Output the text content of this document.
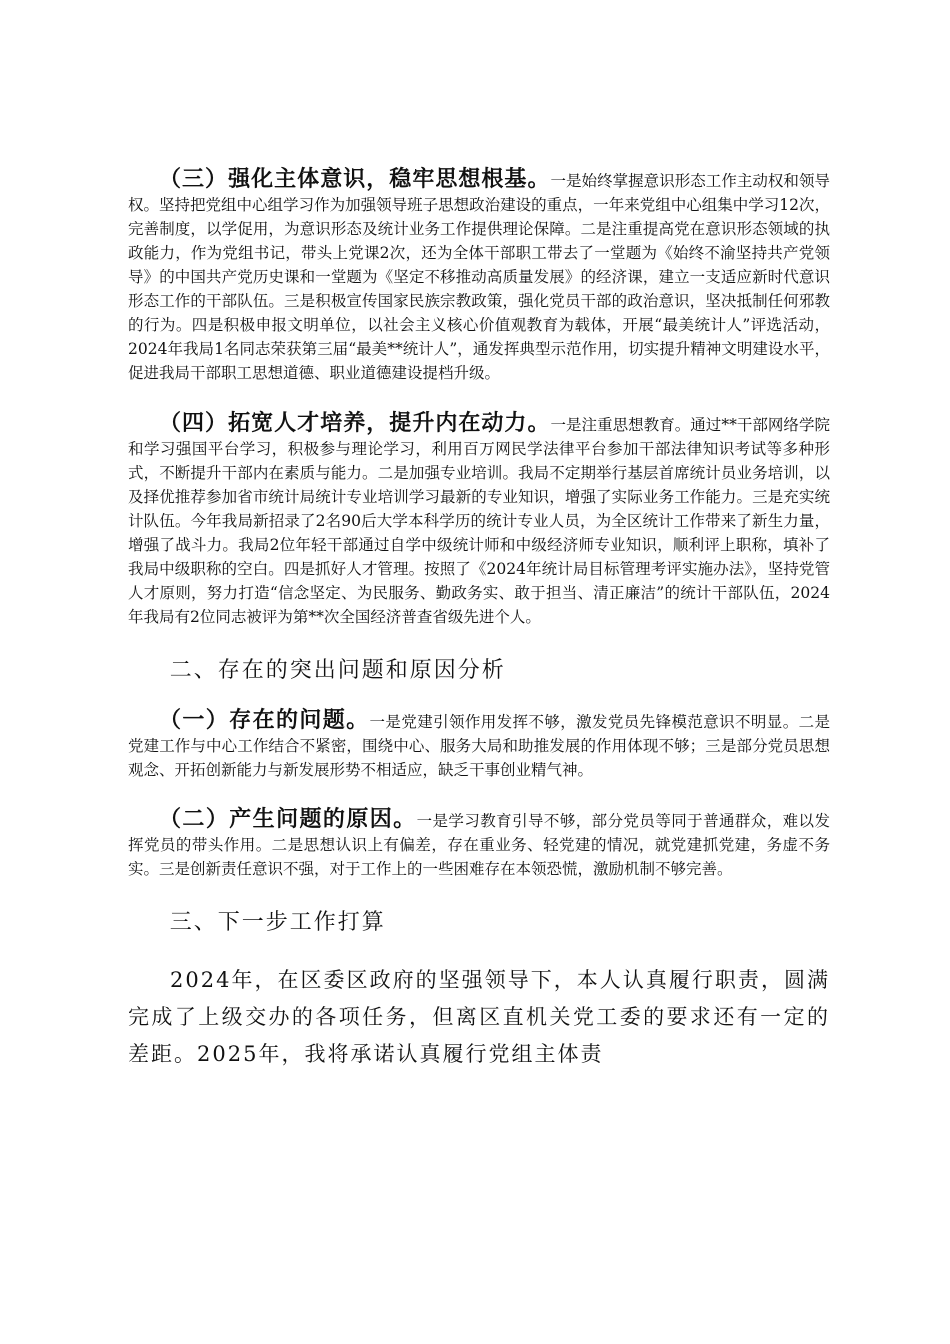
（三）强化主体意识，稳牢思想根基。一是始终掌握意识形态工作主动权和领导权。坚持把党组中心组学习作为加强领导班子思想政治建设的重点，一年来党组中心组集中学习12次，完善制度，以学促用，为意识形态及统计业务工作提供理论保障。二是注重提高党在意识形态领域的执政能力，作为党组书记，带头上党课2次，还为全体干部职工带去了一堂题为《始终不渝坚持共产党领导》的中国共产党历史课和一堂题为《坚定不移推动高质量发展》的经济课，建立一支适应新时代意识形态工作的干部队伍。三是积极宣传国家民族宗教政策，强化党员干部的政治意识，坚决抵制任何邪教的行为。四是积极申报文明单位，以社会主义核心价值观教育为载体，开展“最美统计人”评选活动，2024年我局1名同志荣获第三届“最美**统计人”，通发挥典型示范作用，切实提升精神文明建设水平，促进我局干部职工思想道德、职业道德建设提档升级。

（四）拓宽人才培养，提升内在动力。一是注重思想教育。通过**干部网络学院和学习强国平台学习，积极参与理论学习，利用百万网民学法律平台参加干部法律知识考试等多种形式，不断提升干部内在素质与能力。二是加强专业培训。我局不定期举行基层首席统计员业务培训，以及择优推荐参加省市统计局统计专业培训学习最新的专业知识，增强了实际业务工作能力。三是充实统计队伍。今年我局新招录了2名90后大学本科学历的统计专业人员，为全区统计工作带来了新生力量，增强了战斗力。我局2位年轻干部通过自学中级统计师和中级经济师专业知识，顺利评上职称，填补了我局中级职称的空白。四是抓好人才管理。按照了《2024年统计局目标管理考评实施办法》，坚持党管人才原则，努力打造“信念坚定、为民服务、勤政务实、敢于担当、清正廉洁”的统计干部队伍，2024年我局有2位同志被评为第**次全国经济普查省级先进个人。

二、存在的突出问题和原因分析

（一）存在的问题。一是党建引领作用发挥不够，激发党员先锋模范意识不明显。二是党建工作与中心工作结合不紧密，围绕中心、服务大局和助推发展的作用体现不够；三是部分党员思想观念、开拓创新能力与新发展形势不相适应，缺乏干事创业精气神。

（二）产生问题的原因。一是学习教育引导不够，部分党员等同于普通群众，难以发挥党员的带头作用。二是思想认识上有偏差，存在重业务、轻党建的情况，就党建抓党建，务虚不务实。三是创新责任意识不强，对于工作上的一些困难存在本领恐慌，激励机制不够完善。

三、下一步工作打算

2024年，在区委区政府的坚强领导下，本人认真履行职责，圆满完成了上级交办的各项任务，但离区直机关党工委的要求还有一定的差距。2025年，我将承诺认真履行党组主体责
